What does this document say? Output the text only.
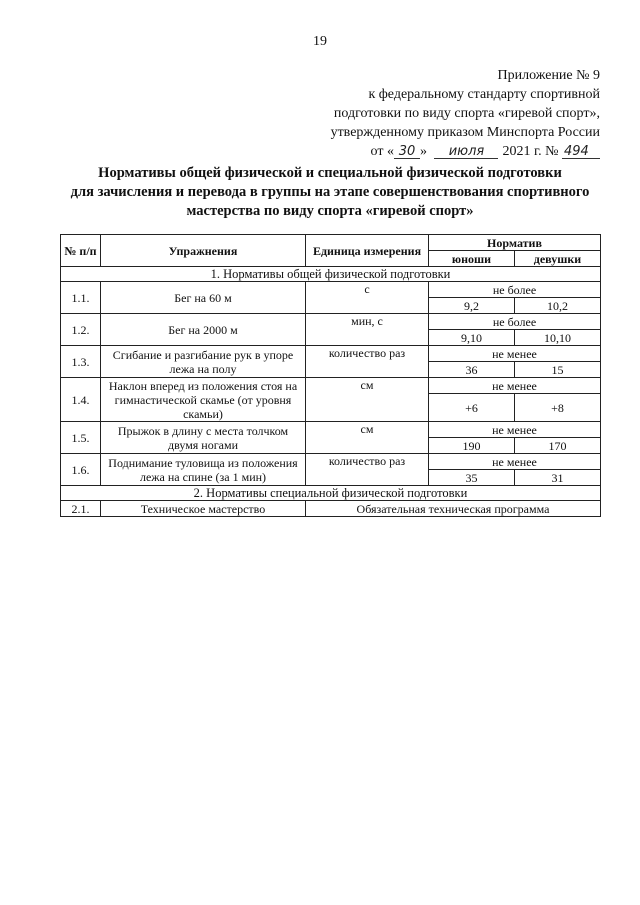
19
Приложение № 9
к федеральному стандарту спортивной
подготовки по виду спорта «гиревой спорт»,
утвержденному приказом Минспорта России
от « 30 » июля 2021 г. № 494
Нормативы общей физической и специальной физической подготовки
для зачисления и перевода в группы на этапе совершенствования спортивного
мастерства по виду спорта «гиревой спорт»
№ п/п	Упражнения	Единица измерения	Норматив	
			юноши	девушки
1. Нормативы общей физической подготовки				
1.1.	Бег на 60 м	с	не более	
			9,2	10,2
1.2.	Бег на 2000 м	мин, с	не более	
			9,10	10,10
1.3.	Сгибание и разгибание рук в упоре лежа на полу	количество раз	не менее	
			36	15
1.4.	Наклон вперед из положения стоя на гимнастической скамье (от уровня скамьи)	см	не менее	
			+6	+8
1.5.	Прыжок в длину с места толчком двумя ногами	см	не менее	
			190	170
1.6.	Поднимание туловища из положения лежа на спине (за 1 мин)	количество раз	не менее	
			35	31
2. Нормативы специальной физической подготовки				
2.1.	Техническое мастерство	Обязательная техническая программа		
